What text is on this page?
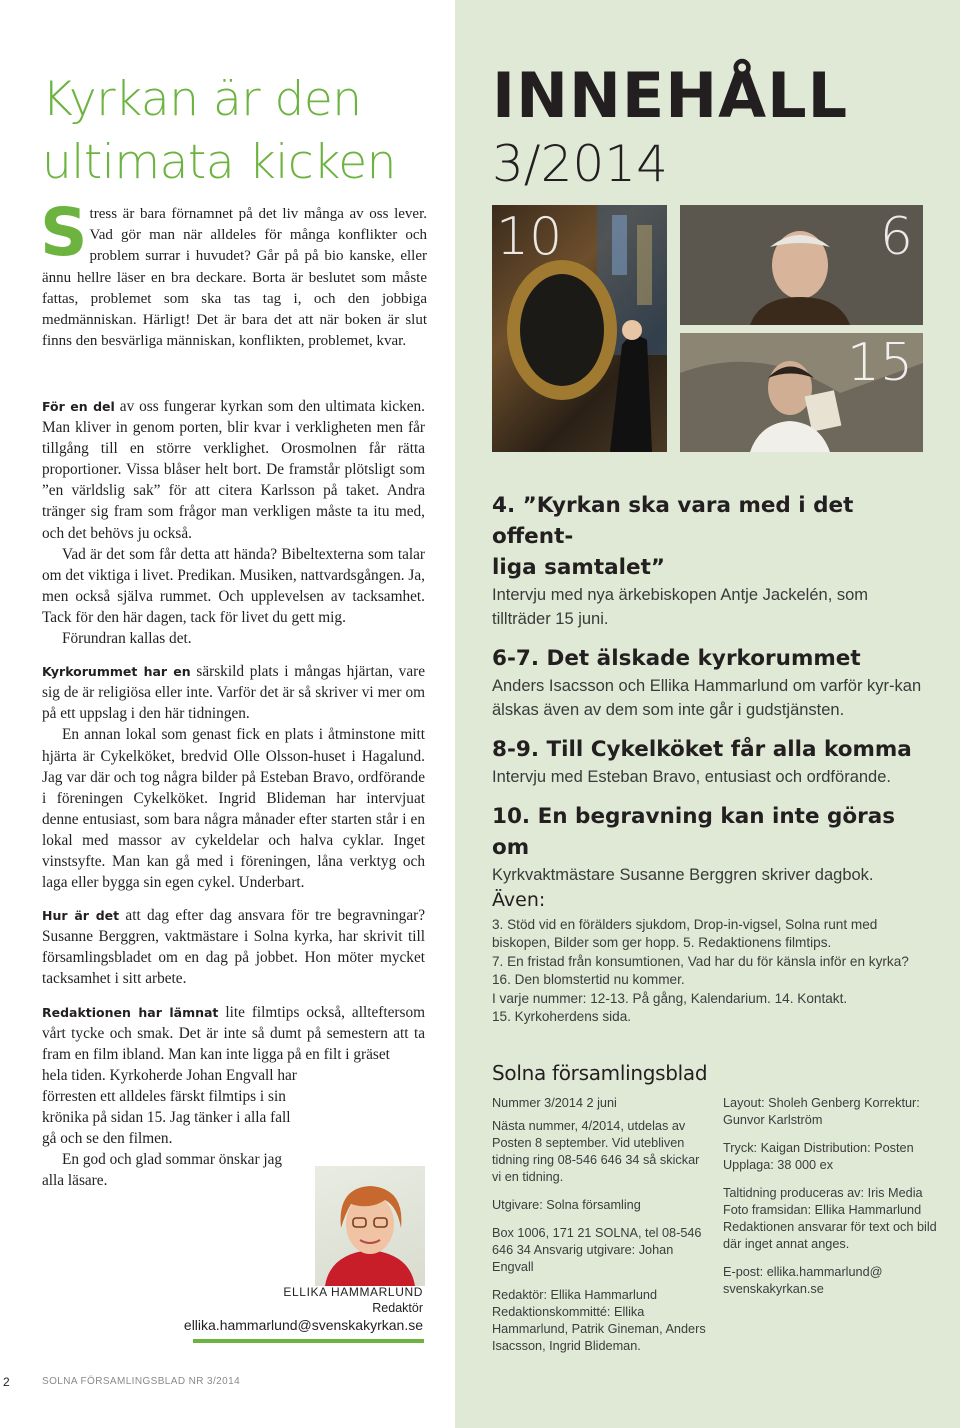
Kyrkan är den
ultimata kicken
S tress är bara förnamnet på det liv många av oss lever. Vad gör man när alldeles för många konflikter och problem surrar i huvudet? Går på på bio kanske, eller ännu hellre läser en bra deckare. Borta är beslutet som måste fattas, problemet som ska tas tag i, och den jobbiga medmänniskan. Härligt! Det är bara det att när boken är slut finns den besvärliga människan, konflikten, problemet, kvar.

För en del av oss fungerar kyrkan som den ultimata kicken. Man kliver in genom porten, blir kvar i verkligheten men får tillgång till en större verklighet. Orosmolnen får rätta proportioner. Vissa blåser helt bort. De framstår plötsligt som ”en världslig sak” för att citera Karlsson på taket. Andra tränger sig fram som frågor man verkligen måste ta itu med, och det behövs ju också.

Vad är det som får detta att hända? Bibeltexterna som talar om det viktiga i livet. Predikan. Musiken, nattvardsgången. Ja, men också själva rummet. Och upplevelsen av tacksamhet. Tack för den här dagen, tack för livet du gett mig.

Förundran kallas det.

Kyrkorummet har en särskild plats i mångas hjärtan, vare sig de är religiösa eller inte. Varför det är så skriver vi mer om på ett uppslag i den här tidningen.

En annan lokal som genast fick en plats i åtminstone mitt hjärta är Cykelköket, bredvid Olle Olsson-huset i Hagalund. Jag var där och tog några bilder på Esteban Bravo, ordförande i föreningen Cykelköket. Ingrid Blideman har intervjuat denne entusiast, som bara några månader efter starten står i en lokal med massor av cykeldelar och halva cyklar. Inget vinstsyfte. Man kan gå med i föreningen, låna verktyg och laga eller bygga sin egen cykel. Underbart.

Hur är det att dag efter dag ansvara för tre begravningar? Susanne Berggren, vaktmästare i Solna kyrka, har skrivit till församlingsbladet om en dag på jobbet. Hon möter mycket tacksamhet i sitt arbete.

Redaktionen har lämnat lite filmtips också, allteftersom vårt tycke och smak. Det är inte så dumt på semestern att ta fram en film ibland. Man kan inte ligga på en filt i gräset

hela tiden. Kyrkoherde Johan Engvall har förresten ett alldeles färskt filmtips i sin krönika på sidan 15. Jag tänker i alla fall gå och se den filmen.

En god och glad sommar önskar jag alla läsare.

ELLIKA HAMMARLUND
Redaktör
ellika.hammarlund@svenskakyrkan.se
2	SOLNA FÖRSAMLINGSBLAD NR 3/2014
INNEHÅLL
3/2014
10	6
15
4. ”Kyrkan ska vara med i det offent-
liga samtalet”

Intervju med nya ärkebiskopen Antje Jackelén, som tillträder 15 juni.

6-7. Det älskade kyrkorummet

Anders Isacsson och Ellika Hammarlund om varför kyr-kan älskas även av dem som inte går i gudstjänsten.

8-9. Till Cykelköket får alla komma

Intervju med Esteban Bravo, entusiast och ordförande.

10. En begravning kan inte göras om

Kyrkvaktmästare Susanne Berggren skriver dagbok.

Även:

3. Stöd vid en förälders sjukdom, Drop-in-vigsel, Solna runt med biskopen, Bilder som ger hopp. 5. Redaktionens filmtips.

7. En fristad från konsumtionen, Vad har du för känsla inför en kyrka? 16. Den blomstertid nu kommer.

I varje nummer: 12-13. På gång, Kalendarium. 14. Kontakt.

15. Kyrkoherdens sida.

Solna församlingsblad

Nummer 3/2014 2 juni

Nästa nummer, 4/2014, utdelas av Posten 8 september. Vid utebliven tidning ring 08-546 646 34 så skickar vi en tidning.

Utgivare: Solna församling

Box 1006, 171 21 SOLNA, tel 08-546 646 34 Ansvarig utgivare: Johan Engvall

Redaktör: Ellika Hammarlund Redaktionskommitté: Ellika Hammarlund, Patrik Gineman, Anders Isacsson, Ingrid Blideman.

Layout: Sholeh Genberg Korrektur: Gunvor Karlström

Tryck: Kaigan Distribution: Posten Upplaga: 38 000 ex

Taltidning produceras av: Iris Media Foto framsidan: Ellika Hammarlund Redaktionen ansvarar för text och bild där inget annat anges.

E-post: ellika.hammarlund@ svenskakyrkan.se
